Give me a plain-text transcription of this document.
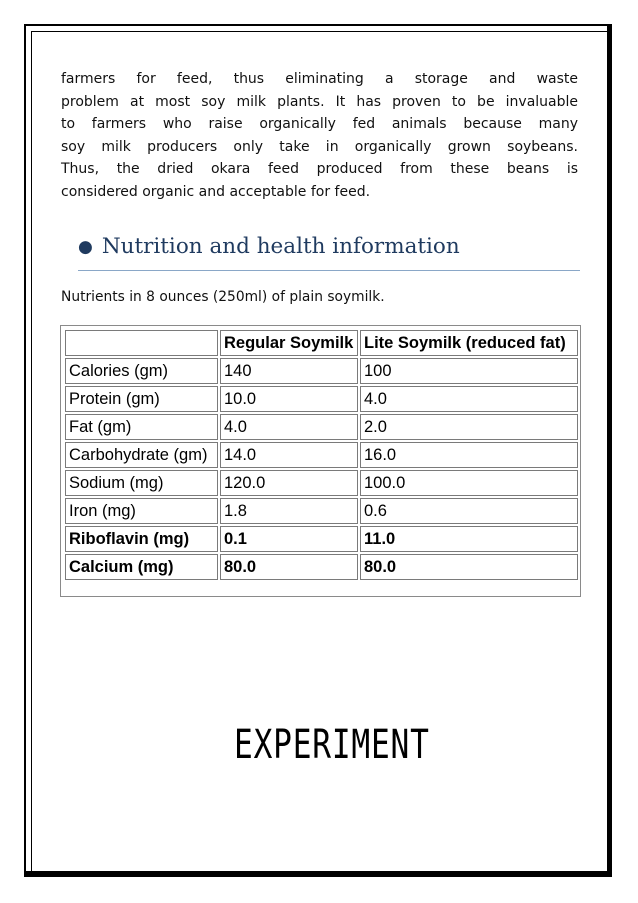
farmers for feed, thus eliminating a storage and waste
problem at most soy milk plants. It has proven to be invaluable
to farmers who raise organically fed animals because many
soy milk producers only take in organically grown soybeans.
Thus, the dried okara feed produced from these beans is
considered organic and acceptable for feed.
● Nutrition and health information
Nutrients in 8 ounces (250ml) of plain soymilk.
	Regular Soymilk	Lite Soymilk (reduced fat)
Calories (gm)	140	100
Protein (gm)	10.0	4.0
Fat (gm)	4.0	2.0
Carbohydrate (gm)	14.0	16.0
Sodium (mg)	120.0	100.0
Iron (mg)	1.8	0.6
Riboflavin (mg)	0.1	11.0
Calcium (mg)	80.0	80.0
EXPERIMENT
